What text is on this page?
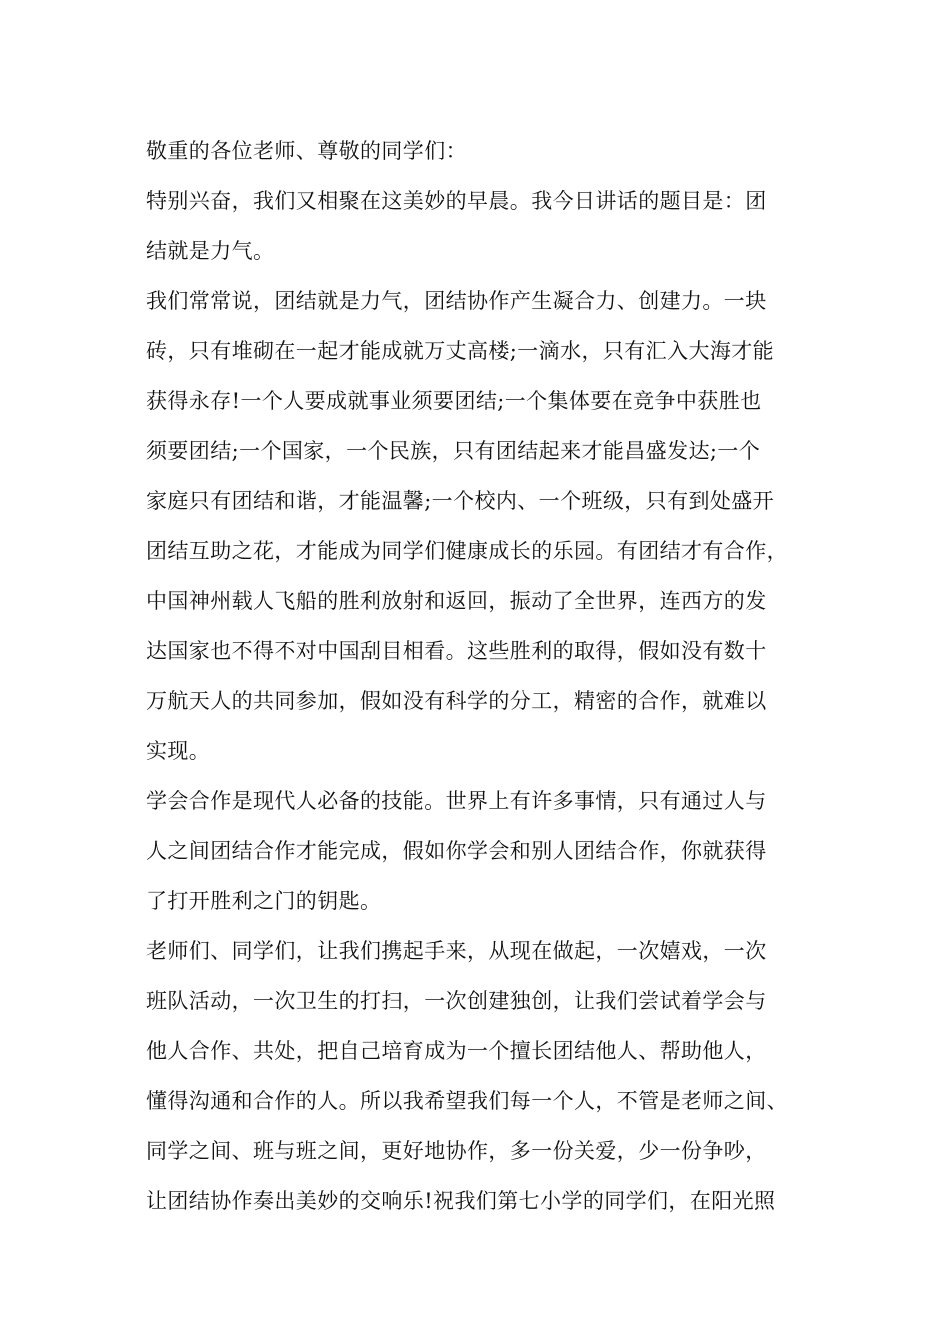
敬重的各位老师、尊敬的同学们：
特别兴奋，我们又相聚在这美妙的早晨。我今日讲话的题目是：团
结就是力气。
我们常常说，团结就是力气，团结协作产生凝合力、创建力。一块
砖，只有堆砌在一起才能成就万丈高楼;一滴水，只有汇入大海才能
获得永存!一个人要成就事业须要团结;一个集体要在竞争中获胜也
须要团结;一个国家，一个民族，只有团结起来才能昌盛发达;一个
家庭只有团结和谐，才能温馨;一个校内、一个班级，只有到处盛开
团结互助之花，才能成为同学们健康成长的乐园。有团结才有合作，
中国神州载人飞船的胜利放射和返回，振动了全世界，连西方的发
达国家也不得不对中国刮目相看。这些胜利的取得，假如没有数十
万航天人的共同参加，假如没有科学的分工，精密的合作，就难以
实现。
学会合作是现代人必备的技能。世界上有许多事情，只有通过人与
人之间团结合作才能完成，假如你学会和别人团结合作，你就获得
了打开胜利之门的钥匙。
老师们、同学们，让我们携起手来，从现在做起，一次嬉戏，一次
班队活动，一次卫生的打扫，一次创建独创，让我们尝试着学会与
他人合作、共处，把自己培育成为一个擅长团结他人、帮助他人，
懂得沟通和合作的人。所以我希望我们每一个人，不管是老师之间、
同学之间、班与班之间，更好地协作，多一份关爱，少一份争吵，
让团结协作奏出美妙的交响乐!祝我们第七小学的同学们，在阳光照
